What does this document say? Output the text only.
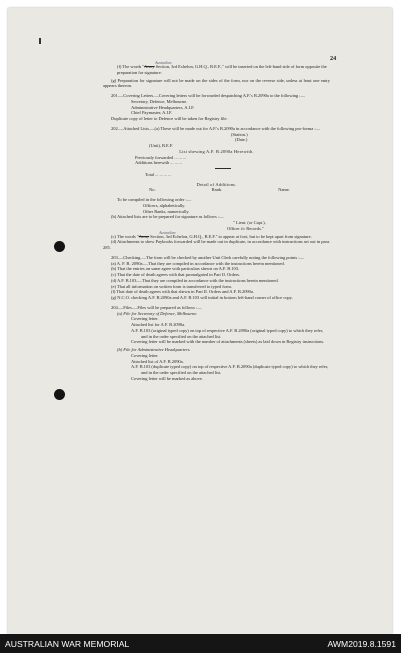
24
Australian
(f) The words "Army Section, 3rd Echelon, G.H.Q., B.E.F.," will be inserted on the left-hand side of form opposite the preparation for signature.

(g) Preparation for signature will not be made on the sides of the form, nor on the reverse side, unless at least one entry appears thereon.

201.—Covering Letters.—Covering letters will be forwarded despatching A.F.'s B.2090a to the following :—

Secretary, Defence, Melbourne.
Administrative Headquarters, A.I.F.
Chief Paymaster, A.I.F.

Duplicate copy of letter to Defence will be taken for Registry file.

202.—Attached Lists.—(a) These will be made out for A.F.'s B.2090a in accordance with the following pro-forma :—

(Station.)
(Date.)
(Unit), B.E.F.
List shewing A.F. B.2090a Herewith.
Previously forwarded ... ... ...
Additions herewith ... ... ...
Total ... ... ... ...
Detail of Additions.
No.	Rank.	Name.
To be compiled in the following order :—
Officers, alphabetically.
Other Ranks, numerically.

(b) Attached lists are to be prepared for signature as follows :—

" Lieut. (or Capt.),
Officer i/c Records."
Australian
(c) The words "Army Section, 3rd Echelon, G.H.Q., B.E.F." to appear at foot, but to be kept apart from signature.

(d) Attachments to shew Paybooks forwarded will be made out in duplicate, in accordance with instructions set out in para. 285.

203.—Checking.—The form will be checked by another Unit Clerk carefully noting the following points :—

(a) A. F. B. 2090a.—That they are compiled in accordance with the instructions herein mentioned.
(b) That the entries on same agree with particulars shewn on A.F. B.103.
(c) That the date of death agrees with that promulgated in Part II. Orders.
(d) A.F. B.103.—That they are compiled in accordance with the instructions herein mentioned.
(e) That all information on written form is transferred to typed form.
(f) That date of death agrees with that shewn in Part II. Orders and A.F. B.2090a.
(g) N.C.O. checking A.F. B.2090a and A.F. B.103 will initial in bottom left-hand corner of office copy.

204.—Files.—Files will be prepared as follows :—

(a) File for Secretary of Defence, Melbourne.
Covering letter.
Attached list for A.F. B.2090a.
A.F. B.103 (original typed copy) on top of respective A.F. B.2090a (original typed copy) to which they refer, and in the order specified on the attached list.
Covering letter will be marked with the number of attachments (sheets) as laid down in Registry instructions.
(b) File for Administrative Headquarters.
Covering letter.
Attached list of A.F. B.2090a.
A.F. B.103 (duplicate typed copy) on top of respective A.F. B.2090a (duplicate typed copy) to which they refer, and in the order specified on the attached list.
Covering letter will be marked as above.
AUSTRALIAN WAR MEMORIAL	AWM2019.8.1591
